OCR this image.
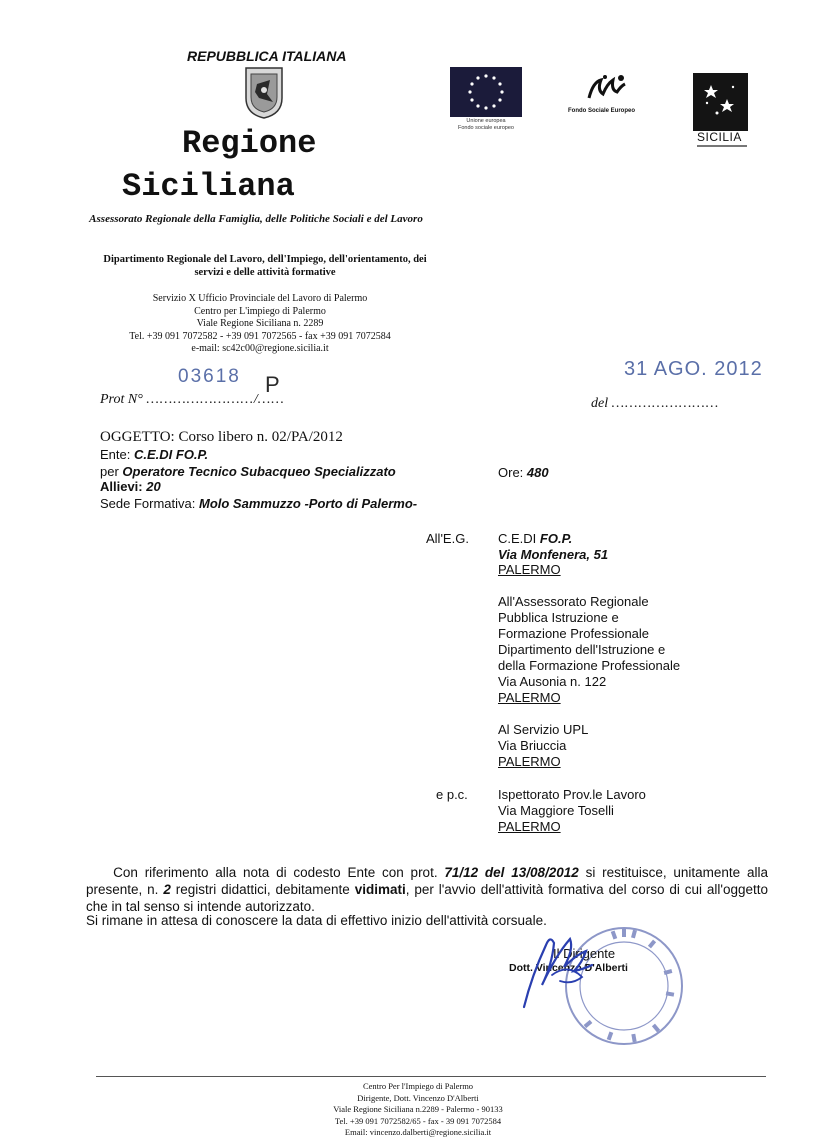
REPUBBLICA ITALIANA
Regione
Siciliana
Assessorato Regionale della Famiglia, delle Politiche Sociali e del Lavoro
Dipartimento Regionale del Lavoro, dell'Impiego, dell'orientamento, dei servizi e delle attività formative
Servizio X Ufficio Provinciale del Lavoro di Palermo
Centro per L'impiego di Palermo
Viale Regione Siciliana n. 2289
Tel. +39 091 7072582 - +39 091 7072565 - fax +39 091 7072584
e-mail: sc42c00@regione.sicilia.it
Unione europea
Fondo sociale europeo
Fondo Sociale Europeo
SICILIA
03618 P
Prot N° ……………………/……
31 AGO. 2012
del ……………………
OGGETTO: Corso libero n. 02/PA/2012
Ente: C.E.DI FO.P.
per Operatore Tecnico Subacqueo Specializzato	Ore: 480
Allievi: 20
Sede Formativa: Molo Sammuzzo -Porto di Palermo-
All'E.G. C.E.DI FO.P.
Via Monfenera, 51
PALERMO
All'Assessorato Regionale
Pubblica Istruzione e
Formazione Professionale
Dipartimento dell'Istruzione e
della Formazione Professionale
Via Ausonia n. 122
PALERMO
Al Servizio UPL
Via Briuccia
PALERMO
e p.c. Ispettorato Prov.le Lavoro
Via Maggiore Toselli
PALERMO
Con riferimento alla nota di codesto Ente con prot. 71/12 del 13/08/2012 si restituisce, unitamente alla presente, n. 2 registri didattici, debitamente vidimati, per l'avvio dell'attività formativa del corso di cui all'oggetto che in tal senso si intende autorizzato.
Si rimane in attesa di conoscere la data di effettivo inizio dell'attività corsuale.
Il Dirigente
Dott. Vincenzo D'Alberti
Centro Per l'Impiego di Palermo
Dirigente, Dott. Vincenzo D'Alberti
Viale Regione Siciliana n.2289 - Palermo - 90133
Tel. +39 091 7072582/65 - fax - 39 091 7072584
Email: vincenzo.dalberti@regione.sicilia.it
